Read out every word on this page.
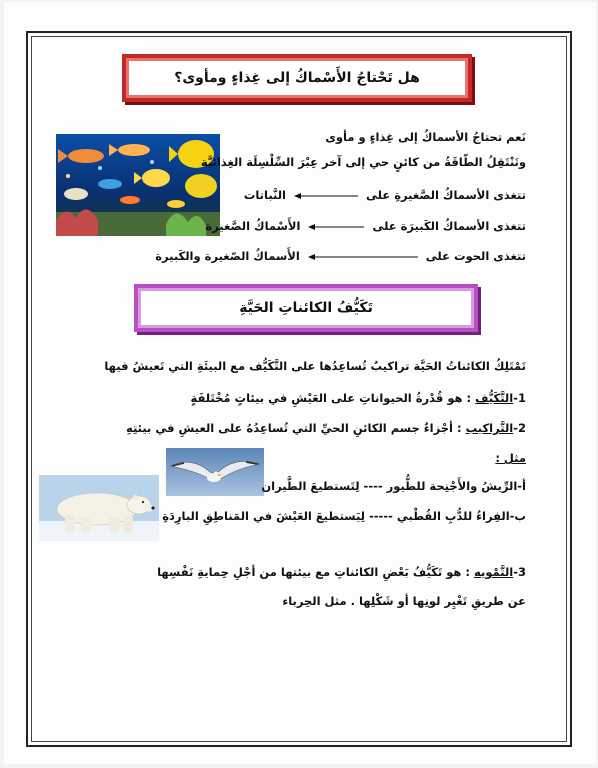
هل تَحْتاجُ الأَسْماكُ إلى غِذاءٍ ومأوى؟
نَعم تحتاجُ الأسماكُ إلى غِذاءٍ و مأوى
وتَنْتَقِلُ الطّاقَةُ من كائنٍ حي إلى آخر عِبْرَ السِّلْسِلَة الغِذائيَّة
تتغذى الأسماكُ الصَّغيرةِ على  النَّباتات
تتغذى الأسماكُ الكَبيرَة على  الأَسْماكُ الصَّغيرة
تتغذى الحوت على  الأَسماكُ الصّغيرة والكَبيرة
تَكَيُّفُ الكائناتِ الحَيَّةِ
تَمْتَلِكُ الكائناتُ الحَيَّة تراكيبٌ تُساعِدُها على التَّكَيُّف مع البيئَةِ التي تَعيشُ فيها
1-التَّكَيُّف : هو قُدْرةُ الحيواناتِ على العَيْشِ في بيئاتٍ مُخْتَلفَةٍ
2-التَّراكيب : أجْزاءٌ جسم الكائنِ الحيِّ التي تُساعِدُهُ على العيشِ في بيئتِهِ
مثل :
أ-الرِّيشُ والأَجْنِحة للطُّيور ---- لِتَستطيعَ الطَّيران
ب-الفِراءُ للدُّبِ القُطْبي ----- لِيَستطيعَ العَيْشَ في المَناطِقِ البارِدَةِ
3-التَّمْويه : هو تَكَيُّفُ بَعْضِ الكائناتِ مع بيئتها من أجْلِ حِمايةِ نَفْسِها
عن طريقِ تَغْيِر لونِها أو شَكْلِها . مثل الحِرباء
